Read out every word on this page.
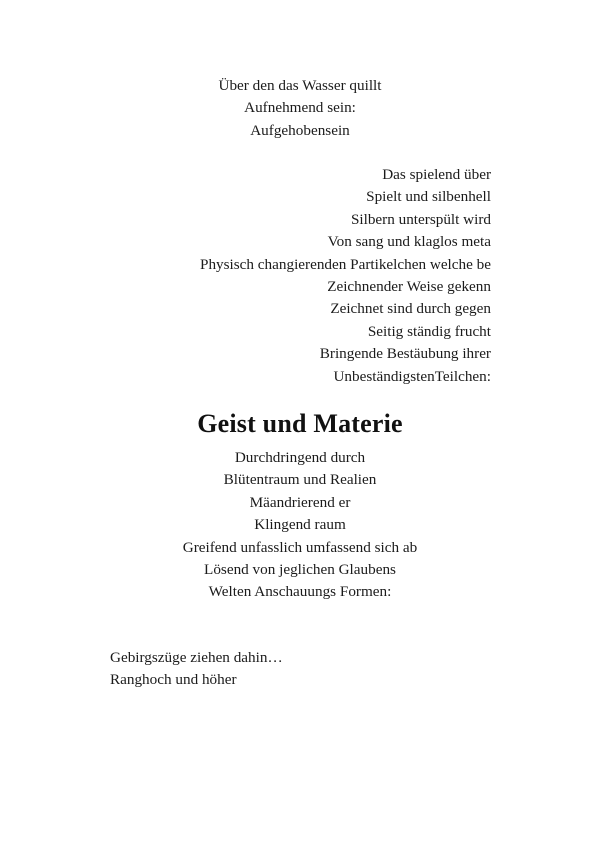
Über den das Wasser quillt
Aufnehmend sein:
Aufgehobensein
Das spielend über
Spielt und silbenhell
Silbern unterspült wird
Von sang und klaglos meta
Physisch changierenden Partikelchen welche be
Zeichnender Weise gekenn
Zeichnet sind durch gegen
Seitig ständig frucht
Bringende Bestäubung ihrer
UnbeständigstenTeilchen:
Geist und Materie
Durchdringend durch
Blütentraum und Realien
Mäandrierend er
Klingend raum
Greifend unfasslich umfassend sich ab
Lösend von jeglichen Glaubens
Welten Anschauungs Formen:
Gebirgszüge ziehen dahin…
Ranghoch und höher
